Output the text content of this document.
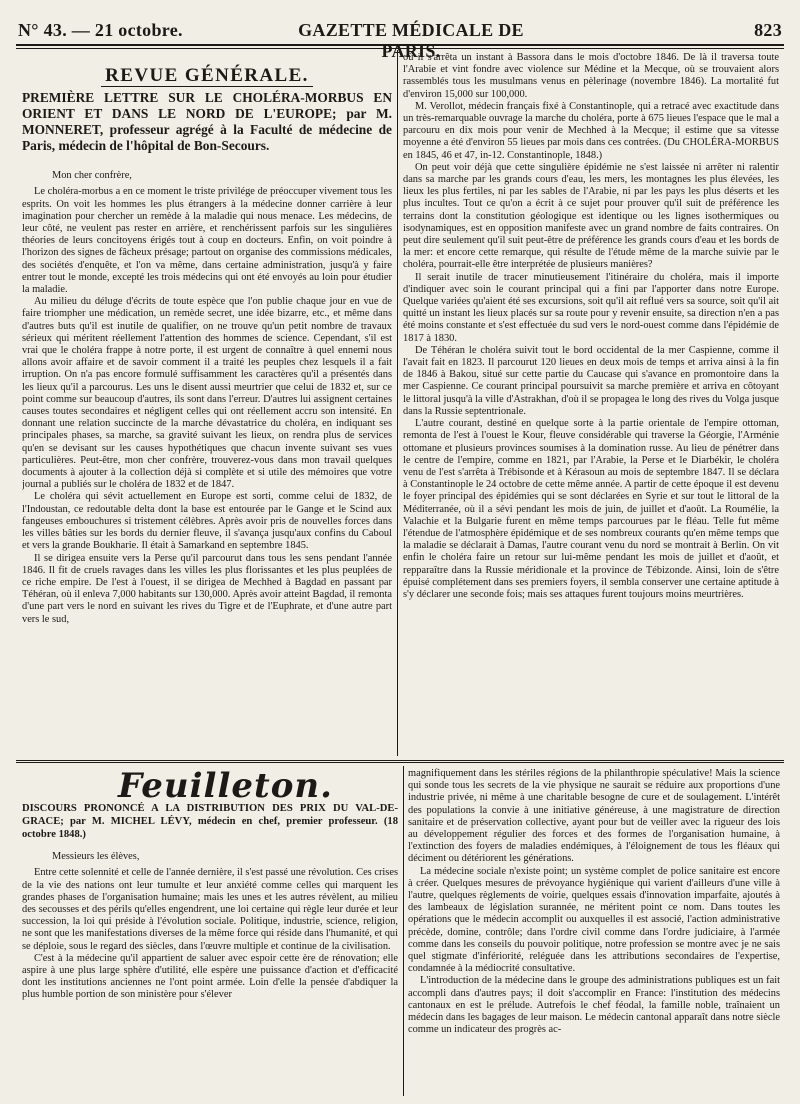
N° 43. — 21 octobre.	GAZETTE MÉDICALE DE PARIS.
823
REVUE GÉNÉRALE.

PREMIÈRE LETTRE SUR LE CHOLÉRA-MORBUS EN ORIENT ET DANS LE NORD DE L'EUROPE; par M. MONNERET, professeur agrégé à la Faculté de médecine de Paris, médecin de l'hôpital de Bon-Secours.

Mon cher confrère,

Le choléra-morbus a en ce moment le triste privilége de préoccuper vivement tous les esprits. On voit les hommes les plus étrangers à la médecine donner carrière à leur imagination pour chercher un remède à la maladie qui nous menace. Les médecins, de leur côté, ne veulent pas rester en arrière, et renchérissent parfois sur les singulières théories de leurs concitoyens érigés tout à coup en docteurs. Enfin, on voit poindre à l'horizon des signes de fâcheux présage; partout on organise des commissions médicales, des sociétés d'enquête, et l'on va même, dans certaine administration, jusqu'à y faire entrer tout le monde, excepté les trois médecins qui ont été envoyés au loin pour étudier la maladie.

Au milieu du déluge d'écrits de toute espèce que l'on publie chaque jour en vue de faire triompher une médication, un remède secret, une idée bizarre, etc., et même dans d'autres buts qu'il est inutile de qualifier, on ne trouve qu'un petit nombre de travaux sérieux qui méritent réellement l'attention des hommes de science. Cependant, s'il est vrai que le choléra frappe à notre porte, il est urgent de connaître à quel ennemi nous allons avoir affaire et de savoir comment il a traité les peuples chez lesquels il a fait irruption. On n'a pas encore formulé suffisamment les caractères qu'il a présentés dans les lieux qu'il a parcourus. Les uns le disent aussi meurtrier que celui de 1832 et, sur ce point comme sur beaucoup d'autres, ils sont dans l'erreur. D'autres lui assignent certaines causes toutes secondaires et négligent celles qui ont réellement accru son intensité. En donnant une relation succincte de la marche dévastatrice du choléra, en indiquant ses principales phases, sa marche, sa gravité suivant les lieux, on rendra plus de services qu'en se devisant sur les causes hypothétiques que chacun invente suivant ses vues particulières. Peut-être, mon cher confrère, trouverez-vous dans mon travail quelques documents à ajouter à la collection déjà si complète et si utile des mémoires que votre journal a publiés sur le choléra de 1832 et de 1847.

Le choléra qui sévit actuellement en Europe est sorti, comme celui de 1832, de l'Indoustan, ce redoutable delta dont la base est entourée par le Gange et le Scind aux fangeuses embouchures si tristement célèbres. Après avoir pris de nouvelles forces dans les villes bâties sur les bords du dernier fleuve, il s'avança jusqu'aux confins du Caboul et vers la grande Boukharie. Il était à Samarkand en septembre 1845.

Il se dirigea ensuite vers la Perse qu'il parcourut dans tous les sens pendant l'année 1846. Il fit de cruels ravages dans les villes les plus florissantes et les plus peuplées de ce riche empire. De l'est à l'ouest, il se dirigea de Mechhed à Bagdad en passant par Téhéran, où il enleva 7,000 habitants sur 130,000. Après avoir atteint Bagdad, il remonta d'une part vers le nord en suivant les rives du Tigre et de l'Euphrate, et d'une autre part vers le sud,

où il s'arrêta un instant à Bassora dans le mois d'octobre 1846. De là il traversa toute l'Arabie et vint fondre avec violence sur Médine et la Mecque, où se trouvaient alors rassemblés tous les musulmans venus en pèlerinage (novembre 1846). La mortalité fut d'environ 15,000 sur 100,000.

M. Verollot, médecin français fixé à Constantinople, qui a retracé avec exactitude dans un très-remarquable ouvrage la marche du choléra, porte à 675 lieues l'espace que le mal a parcouru en dix mois pour venir de Mechhed à la Mecque; il estime que sa vitesse moyenne a été d'environ 55 lieues par mois dans ces contrées. (Du CHOLÉRA-MORBUS en 1845, 46 et 47, in-12. Constantinople, 1848.)

On peut voir déjà que cette singulière épidémie ne s'est laissée ni arrêter ni ralentir dans sa marche par les grands cours d'eau, les mers, les montagnes les plus élevées, les lieux les plus fertiles, ni par les sables de l'Arabie, ni par les pays les plus déserts et les plus incultes. Tout ce qu'on a écrit à ce sujet pour prouver qu'il suit de préférence les terrains dont la constitution géologique est identique ou les lignes isothermiques ou isodynamiques, est en opposition manifeste avec un grand nombre de faits contraires. On peut dire seulement qu'il suit peut-être de préférence les grands cours d'eau et les bords de la mer: et encore cette remarque, qui résulte de l'étude même de la marche suivie par le choléra, pourrait-elle être interprétée de plusieurs manières?

Il serait inutile de tracer minutieusement l'itinéraire du choléra, mais il importe d'indiquer avec soin le courant principal qui a fini par l'apporter dans notre Europe. Quelque variées qu'aient été ses excursions, soit qu'il ait reflué vers sa source, soit qu'il ait quitté un instant les lieux placés sur sa route pour y revenir ensuite, sa direction n'en a pas été moins constante et s'est effectuée du sud vers le nord-ouest comme dans l'épidémie de 1817 à 1830.

De Téhéran le choléra suivit tout le bord occidental de la mer Caspienne, comme il l'avait fait en 1823. Il parcourut 120 lieues en deux mois de temps et arriva ainsi à la fin de 1846 à Bakou, situé sur cette partie du Caucase qui s'avance en promontoire dans la mer Caspienne. Ce courant principal poursuivit sa marche première et arriva en côtoyant le littoral jusqu'à la ville d'Astrakhan, d'où il se propagea le long des rives du Volga jusque dans la Russie septentrionale.

L'autre courant, destiné en quelque sorte à la partie orientale de l'empire ottoman, remonta de l'est à l'ouest le Kour, fleuve considérable qui traverse la Géorgie, l'Arménie ottomane et plusieurs provinces soumises à la domination russe. Au lieu de pénétrer dans le centre de l'empire, comme en 1821, par l'Arabie, la Perse et le Diarbékir, le choléra venu de l'est s'arrêta à Trébisonde et à Kérasoun au mois de septembre 1847. Il se déclara à Constantinople le 24 octobre de cette même année. A partir de cette époque il est devenu le foyer principal des épidémies qui se sont déclarées en Syrie et sur tout le littoral de la Méditerranée, où il a sévi pendant les mois de juin, de juillet et d'août. La Roumélie, la Valachie et la Bulgarie furent en même temps parcourues par le fléau. Telle fut même l'étendue de l'atmosphère épidémique et de ses nombreux courants qu'en même temps que la maladie se déclarait à Damas, l'autre courant venu du nord se montrait à Berlin. On vit enfin le choléra faire un retour sur lui-même pendant les mois de juillet et d'août, et repparaître dans la Russie méridionale et la province de Tébizonde. Ainsi, loin de s'être épuisé complétement dans ses premiers foyers, il sembla conserver une certaine aptitude à s'y déclarer une seconde fois; mais ses attaques furent toujours moins meurtrières.

Feuilleton.

DISCOURS PRONONCÉ A LA DISTRIBUTION DES PRIX DU VAL-DE-GRACE; par M. MICHEL LÉVY, médecin en chef, premier professeur. (18 octobre 1848.)

Messieurs les élèves,

Entre cette solennité et celle de l'année dernière, il s'est passé une révolution. Ces crises de la vie des nations ont leur tumulte et leur anxiété comme celles qui marquent les grandes phases de l'organisation humaine; mais les unes et les autres révèlent, au milieu des secousses et des périls qu'elles engendrent, une loi certaine qui règle leur durée et leur succession, la loi qui préside à l'évolution sociale. Politique, industrie, science, religion, ne sont que les manifestations diverses de la même force qui réside dans l'humanité, et qui se déploie, sous le regard des siècles, dans l'œuvre multiple et continue de la civilisation.

C'est à la médecine qu'il appartient de saluer avec espoir cette ère de rénovation; elle aspire à une plus large sphère d'utilité, elle espère une puissance d'action et d'efficacité dont les institutions anciennes ne l'ont point armée. Loin d'elle la pensée d'abdiquer la plus humble portion de son ministère pour s'élever

magnifiquement dans les stériles régions de la philanthropie spéculative! Mais la science qui sonde tous les secrets de la vie physique ne saurait se réduire aux proportions d'une industrie privée, ni même à une charitable besogne de cure et de soulagement. L'intérêt des populations la convie à une initiative généreuse, à une magistrature de direction sanitaire et de préservation collective, ayant pour but de veiller avec la rigueur des lois au développement régulier des forces et des formes de l'organisation humaine, à l'extinction des foyers de maladies endémiques, à l'éloignement de tous les fléaux qui déciment ou détériorent les générations.

La médecine sociale n'existe point; un système complet de police sanitaire est encore à créer. Quelques mesures de prévoyance hygiénique qui varient d'ailleurs d'une ville à l'autre, quelques règlements de voirie, quelques essais d'innovation imparfaite, ajoutés à des lambeaux de législation surannée, ne méritent point ce nom. Dans toutes les opérations que le médecin accomplit ou auxquelles il est associé, l'action administrative précède, domine, contrôle; dans l'ordre civil comme dans l'ordre judiciaire, à l'armée comme dans les conseils du pouvoir politique, notre profession se montre avec je ne sais quel stigmate d'infériorité, reléguée dans les attributions secondaires de l'expertise, condamnée à la médiocrité consultative.

L'introduction de la médecine dans le groupe des administrations publiques est un fait accompli dans d'autres pays; il doit s'accomplir en France: l'institution des médecins cantonaux en est le prélude. Autrefois le chef féodal, la famille noble, traînaient un médecin dans les bagages de leur maison. Le médecin cantonal apparaît dans notre siècle comme un indicateur des progrès ac-
